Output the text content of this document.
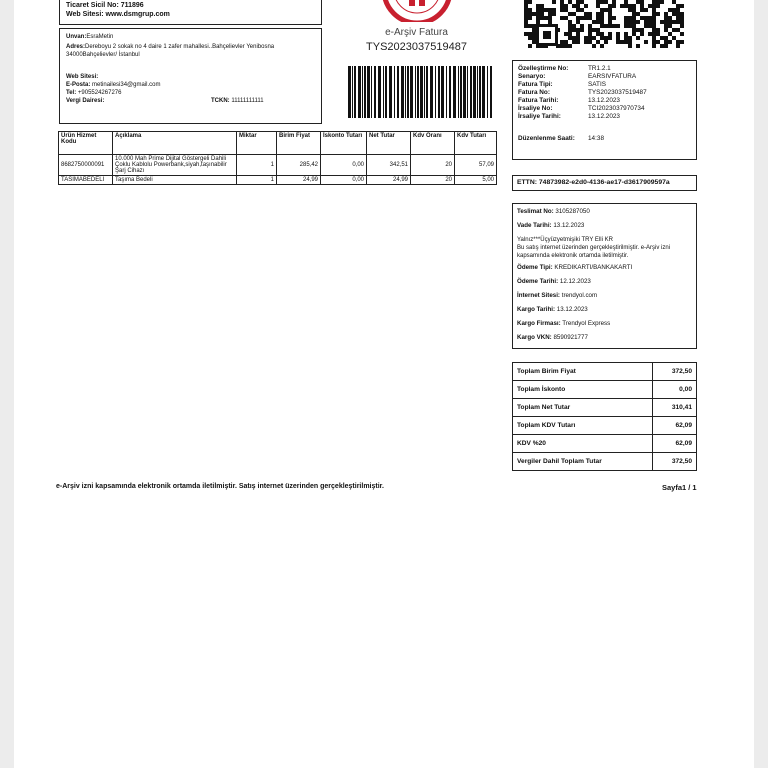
Ticaret Sicil No: 711896
Web Sitesi: www.dsmgrup.com
Unvan:EsraMetin
Adres:Dereboyu 2 sokak no 4 daire 1 zafer mahallesi..Bahçelievler Yenibosna
34000Bahçelievler/ İstanbul
Web Sitesi:
E-Posta: metinailesi34@gmail.com
Tel: +905524267276
Vergi Dairesi:	TCKN: 11111111111
e-Arşiv Fatura
TYS2023037519487
Özelleştirme No:	TR1.2.1
Senaryo:	EARSIVFATURA
Fatura Tipi:	SATIS
Fatura No:	TYS2023037519487
Fatura Tarihi:	13.12.2023
İrsaliye No:	TCI2023037970734
İrsaliye Tarihi:	13.12.2023
Düzenlenme Saati:	14:38
ETTN: 74873982-e2d0-4136-ae17-d3617909597a
Teslimat No: 3105287050
Vade Tarihi: 13.12.2023
Yalnız***Üçyüzyetmişiki TRY Elli KR
Bu satış internet üzerinden gerçekleştirilmiştir. e-Arşiv izni kapsamında elektronik ortamda iletilmiştir.
Ödeme Tipi: KREDIKARTI/BANKAKARTI
Ödeme Tarihi: 12.12.2023
İnternet Sitesi: trendyol.com
Kargo Tarihi: 13.12.2023
Kargo Firması: Trendyol Express
Kargo VKN: 8590921777
Ürün Hizmet Kodu	Açıklama	Miktar	Birim Fiyat	İskonto Tutarı	Net Tutar	Kdv Oranı	Kdv Tutarı
8682750000091	10.000 Mah Prime Dijital Göstergeli Dahili Çoklu Kablolu Powerbank,siyah,taşınabilir Şarj Cihazı	1	285,42	0,00	342,51	20	57,09
TASIMABEDELI	Taşıma Bedeli	1	24,99	0,00	24,99	20	5,00
Toplam Birim Fiyat	372,50
Toplam İskonto	0,00
Toplam Net Tutar	310,41
Toplam KDV Tutarı	62,09
KDV %20	62,09
Vergiler Dahil Toplam Tutar	372,50
e-Arşiv izni kapsamında elektronik ortamda iletilmiştir. Satış internet üzerinden gerçekleştirilmiştir.	Sayfa1 / 1
